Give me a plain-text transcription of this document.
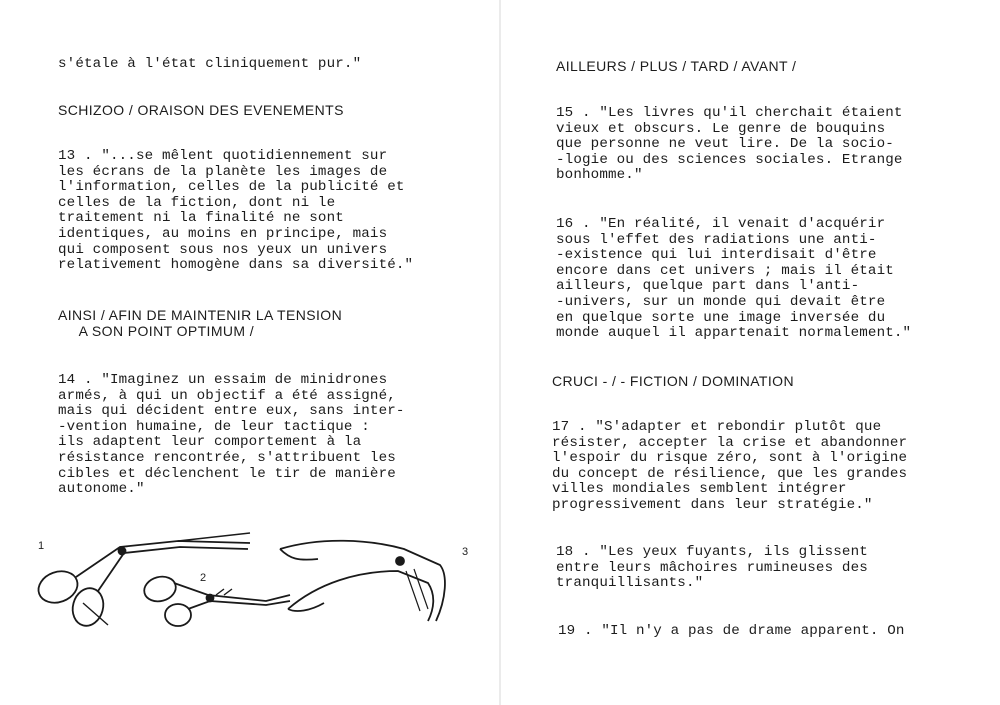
s'étale à l'état cliniquement pur."
SCHIZOO / ORAISON DES EVENEMENTS
13 . "...se mêlent quotidiennement sur
les écrans de la planète les images de
l'information, celles de la publicité et
celles de la fiction, dont ni le
traitement ni la finalité ne sont
identiques, au moins en principe, mais
qui composent sous nos yeux un univers
relativement homogène dans sa diversité."
AINSI / AFIN DE MAINTENIR LA TENSION
A SON POINT OPTIMUM /
14 . "Imaginez un essaim de minidrones
armés, à qui un objectif a été assigné,
mais qui décident entre eux, sans inter-
-vention humaine, de leur tactique :
ils adaptent leur comportement à la
résistance rencontrée, s'attribuent les
cibles et déclenchent le tir de manière
autonome."
1
2
3
AILLEURS / PLUS / TARD / AVANT /
15 . "Les livres qu'il cherchait étaient
vieux et obscurs. Le genre de bouquins
que personne ne veut lire. De la socio-
-logie ou des sciences sociales. Etrange
bonhomme."
16 . "En réalité, il venait d'acquérir
sous l'effet des radiations une anti-
-existence qui lui interdisait d'être
encore dans cet univers ; mais il était
ailleurs, quelque part dans l'anti-
-univers, sur un monde qui devait être
en quelque sorte une image inversée du
monde auquel il appartenait normalement."
CRUCI - / - FICTION / DOMINATION
17 . "S'adapter et rebondir plutôt que
résister, accepter la crise et abandonner
l'espoir du risque zéro, sont à l'origine
du concept de résilience, que les grandes
villes mondiales semblent intégrer
progressivement dans leur stratégie."
18 . "Les yeux fuyants, ils glissent
entre leurs mâchoires rumineuses des
tranquillisants."
19 . "Il n'y a pas de drame apparent. On
